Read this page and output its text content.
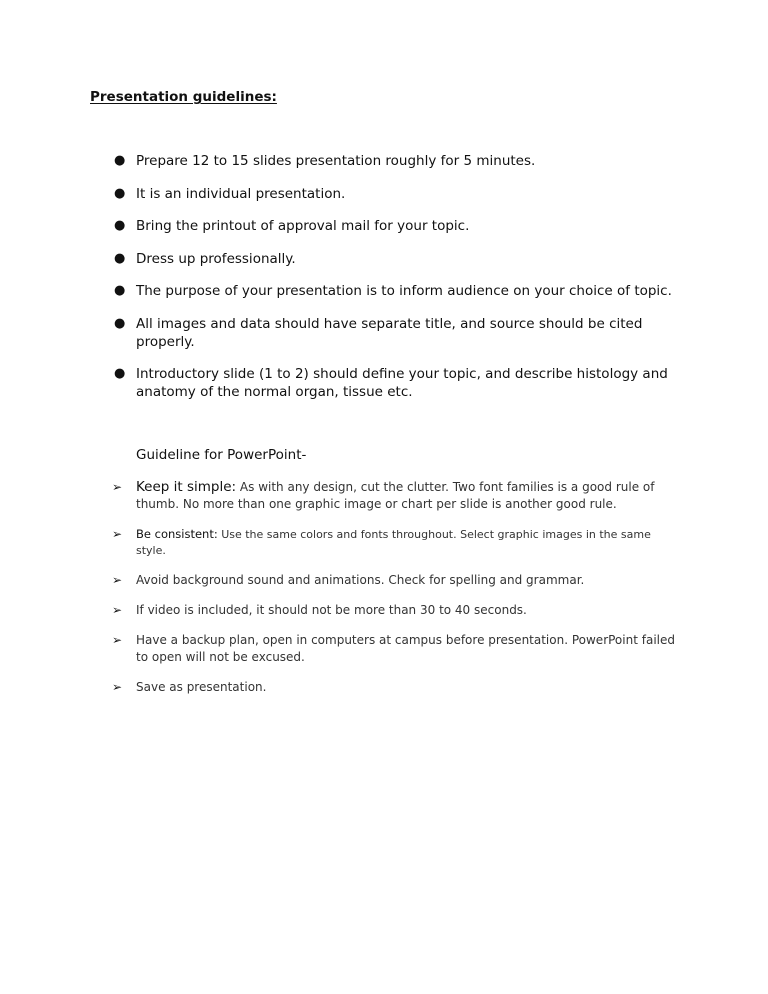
Presentation guidelines:
● Prepare 12 to 15 slides presentation roughly for 5 minutes.
● It is an individual presentation.
● Bring the printout of approval mail for your topic.
● Dress up professionally.
● The purpose of your presentation is to inform audience on your choice of topic.
● All images and data should have separate title, and source should be cited properly.
● Introductory slide (1 to 2) should define your topic, and describe histology and anatomy of the normal organ, tissue etc.

Guideline for PowerPoint-

➢ Keep it simple: As with any design, cut the clutter. Two font families is a good rule of thumb. No more than one graphic image or chart per slide is another good rule.
➢ Be consistent: Use the same colors and fonts throughout. Select graphic images in the same style.
➢ Avoid background sound and animations. Check for spelling and grammar.
➢ If video is included, it should not be more than 30 to 40 seconds.
➢ Have a backup plan, open in computers at campus before presentation. PowerPoint failed to open will not be excused.
➢ Save as presentation.
